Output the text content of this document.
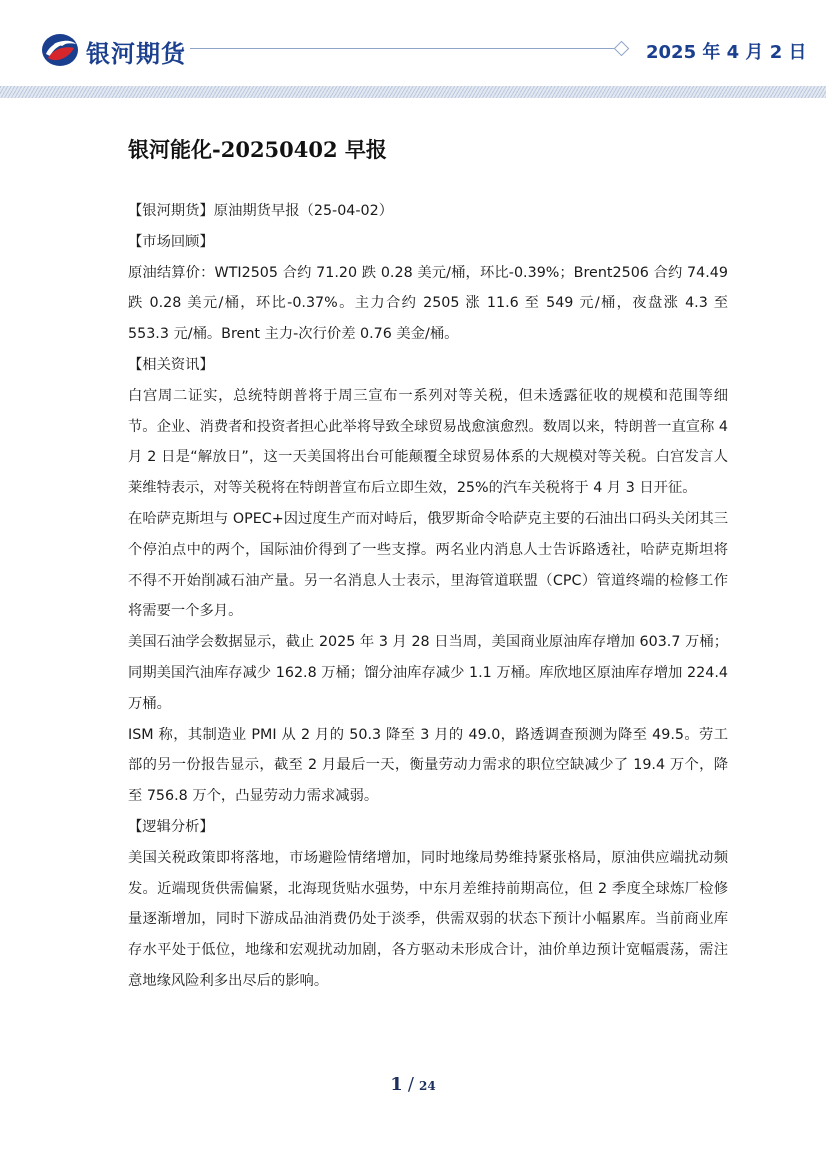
银河期货	2025 年 4 月 2 日
银河能化-20250402 早报

【银河期货】原油期货早报（25-04-02）

【市场回顾】

原油结算价：WTI2505 合约 71.20 跌 0.28 美元/桶，环比-0.39%；Brent2506 合约 74.49 跌 0.28 美元/桶，环比-0.37%。主力合约 2505 涨 11.6 至 549 元/桶，夜盘涨 4.3 至 553.3 元/桶。Brent 主力-次行价差 0.76 美金/桶。

【相关资讯】

白宫周二证实，总统特朗普将于周三宣布一系列对等关税，但未透露征收的规模和范围等细节。企业、消费者和投资者担心此举将导致全球贸易战愈演愈烈。数周以来，特朗普一直宣称 4 月 2 日是“解放日”，这一天美国将出台可能颠覆全球贸易体系的大规模对等关税。白宫发言人莱维特表示，对等关税将在特朗普宣布后立即生效，25%的汽车关税将于 4 月 3 日开征。

在哈萨克斯坦与 OPEC+因过度生产而对峙后，俄罗斯命令哈萨克主要的石油出口码头关闭其三个停泊点中的两个，国际油价得到了一些支撑。两名业内消息人士告诉路透社，哈萨克斯坦将不得不开始削减石油产量。另一名消息人士表示，里海管道联盟（CPC）管道终端的检修工作将需要一个多月。

美国石油学会数据显示，截止 2025 年 3 月 28 日当周，美国商业原油库存增加 603.7 万桶；同期美国汽油库存减少 162.8 万桶；馏分油库存减少 1.1 万桶。库欣地区原油库存增加 224.4 万桶。

ISM 称，其制造业 PMI 从 2 月的 50.3 降至 3 月的 49.0，路透调查预测为降至 49.5。劳工部的另一份报告显示，截至 2 月最后一天，衡量劳动力需求的职位空缺减少了 19.4 万个，降至 756.8 万个，凸显劳动力需求减弱。

【逻辑分析】

美国关税政策即将落地，市场避险情绪增加，同时地缘局势维持紧张格局，原油供应端扰动频发。近端现货供需偏紧，北海现货贴水强势，中东月差维持前期高位，但 2 季度全球炼厂检修量逐渐增加，同时下游成品油消费仍处于淡季，供需双弱的状态下预计小幅累库。当前商业库存水平处于低位，地缘和宏观扰动加剧，各方驱动未形成合计，油价单边预计宽幅震荡，需注意地缘风险利多出尽后的影响。

1 / 24
